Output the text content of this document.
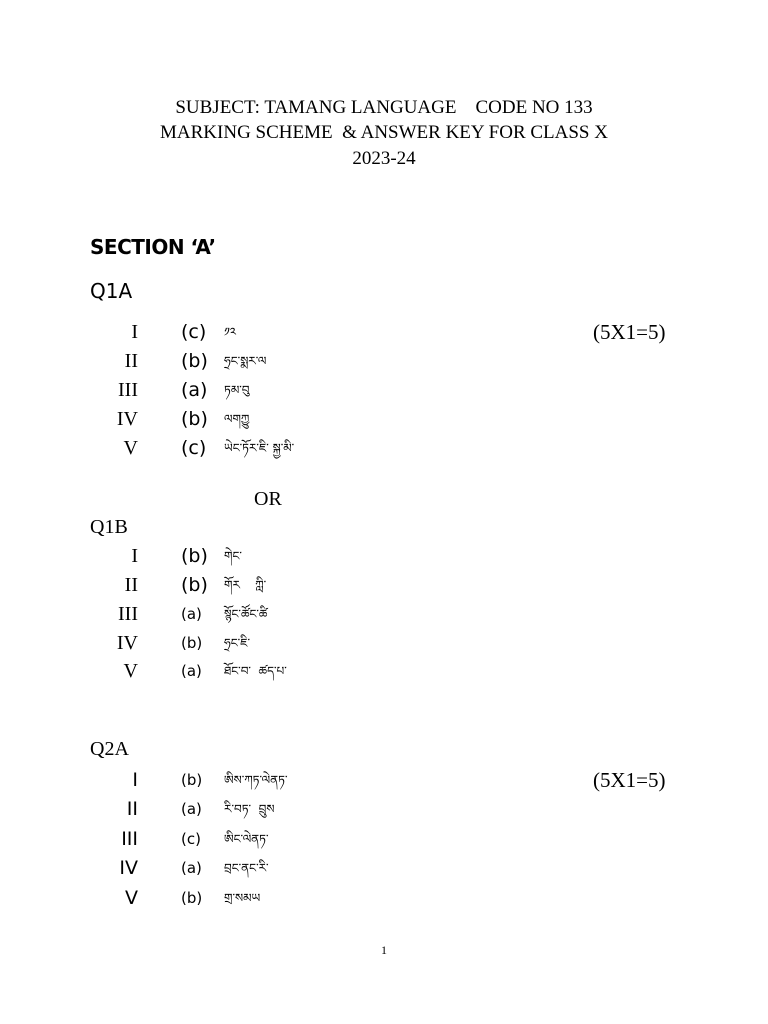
SUBJECT: TAMANG LANGUAGE    CODE NO 133
MARKING SCHEME  & ANSWER KEY FOR CLASS X
2023-24
SECTION ‘A’
Q1A
I (c) ༡༢	(5X1=5)
II (b) ཧྲང་སྨར་ལ
III (a) ཏམ་བུ
IV (b) ལགཀྱུ
V (c) ཡེང་ཏོར་ཇི་ སྐྱ་མི་
OR
Q1B
I (b) གེང་
II (b) གོར    ཀླི་
III	(a) སྙོང་ཚོང་ཚི
IV	(b) ཧྲང་ཇི་
V	(a) ཐོང་བ་  ཚད་པ་
Q2A
I	(b) ཨིས་ཀཏ་ལེནཏ་	(5X1=5)
II	(a) རི་བཏ་  བྲུས
III	(c) ཨིང་ལེནཏ་
IV	(a) བྲང་ནང་རི་
V	(b) གྲ་སམཡ
1
